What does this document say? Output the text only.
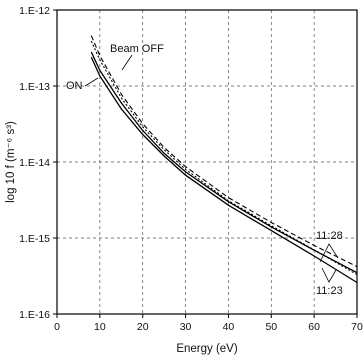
0	10	20	30	40	50	60	70
1.E-16
1.E-15
1.E-14
1.E-13
1.E-12
Energy (eV)
log 10 f (m⁻⁶ s³)
Beam OFF
ON
11:28
11:23
